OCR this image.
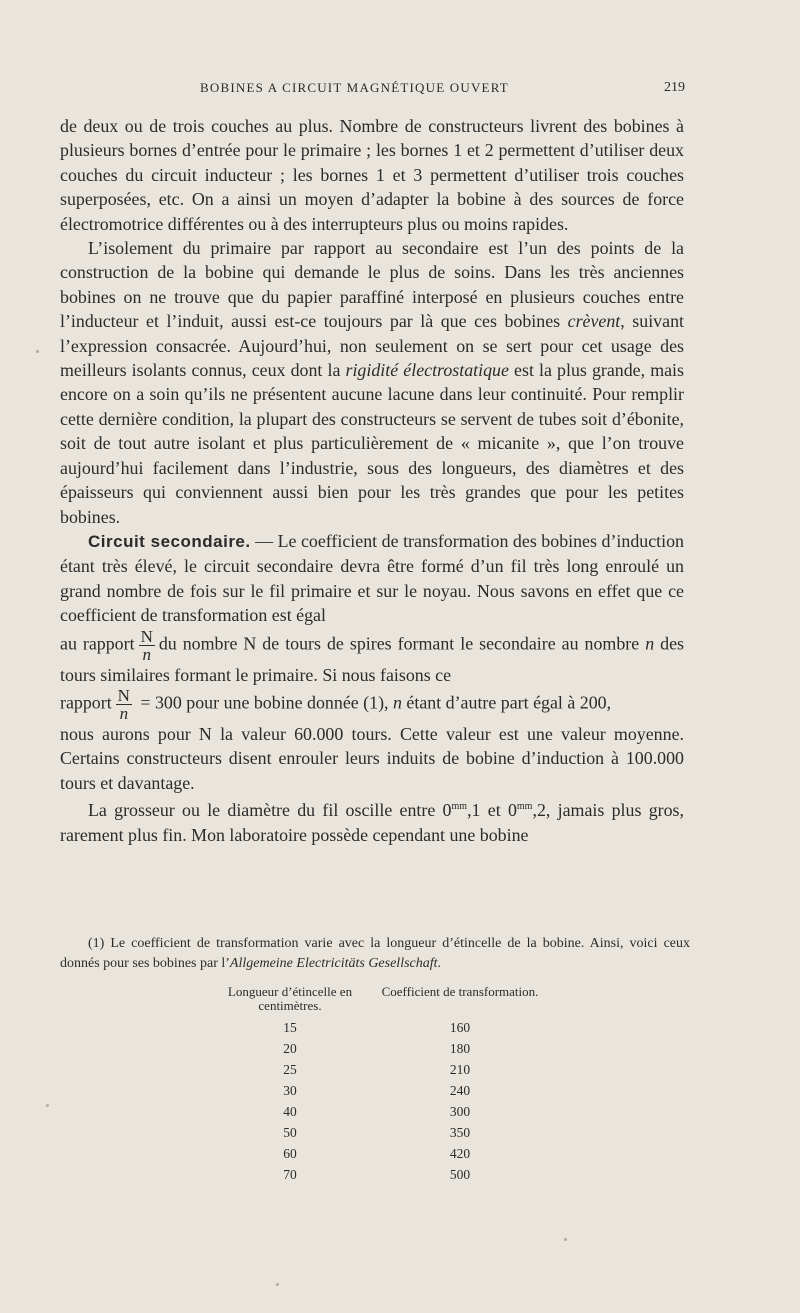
BOBINES A CIRCUIT MAGNÉTIQUE OUVERT	219

de deux ou de trois couches au plus. Nombre de constructeurs livrent des bobines à plusieurs bornes d’entrée pour le primaire ; les bornes 1 et 2 permettent d’utiliser deux couches du circuit inducteur ; les bornes 1 et 3 permettent d’utiliser trois couches superposées, etc. On a ainsi un moyen d’adapter la bobine à des sources de force électromotrice différentes ou à des interrupteurs plus ou moins rapides.

L’isolement du primaire par rapport au secondaire est l’un des points de la construction de la bobine qui demande le plus de soins. Dans les très anciennes bobines on ne trouve que du papier paraffiné interposé en plusieurs couches entre l’inducteur et l’induit, aussi est-ce toujours par là que ces bobines crèvent, suivant l’expression consacrée. Aujourd’hui, non seulement on se sert pour cet usage des meilleurs isolants connus, ceux dont la rigidité électrostatique est la plus grande, mais encore on a soin qu’ils ne présentent aucune lacune dans leur continuité. Pour remplir cette dernière condition, la plupart des constructeurs se servent de tubes soit d’ébonite, soit de tout autre isolant et plus particulièrement de « micanite », que l’on trouve aujourd’hui facilement dans l’industrie, sous des longueurs, des diamètres et des épaisseurs qui conviennent aussi bien pour les très grandes que pour les petites bobines.

Circuit secondaire. — Le coefficient de transformation des bobines d’induction étant très élevé, le circuit secondaire devra être formé d’un fil très long enroulé un grand nombre de fois sur le fil primaire et sur le noyau. Nous savons en effet que ce coefficient de transformation est égal

au rapport $\frac{N}{n}$ du nombre N de tours de spires formant le secondaire au nombre n des tours similaires formant le primaire. Si nous faisons ce

rapport $\frac{N}{n} = 300$ pour une bobine donnée (1), n étant d’autre part égal à 200,

nous aurons pour N la valeur 60.000 tours. Cette valeur est une valeur moyenne. Certains constructeurs disent enrouler leurs induits de bobine d’induction à 100.000 tours et davantage.

La grosseur ou le diamètre du fil oscille entre $0^{mm},1$ et $0^{mm},2$, jamais plus gros, rarement plus fin. Mon laboratoire possède cependant une bobine

(1) Le coefficient de transformation varie avec la longueur d’étincelle de la bobine. Ainsi, voici ceux donnés pour ses bobines par l’Allgemeine Electricitäts Gesellschaft.

Longueur d’étincelle en centimètres.
Coefficient de transformation.
15	160
20	180
25	210
30	240
40	300
50	350
60	420
70	500
